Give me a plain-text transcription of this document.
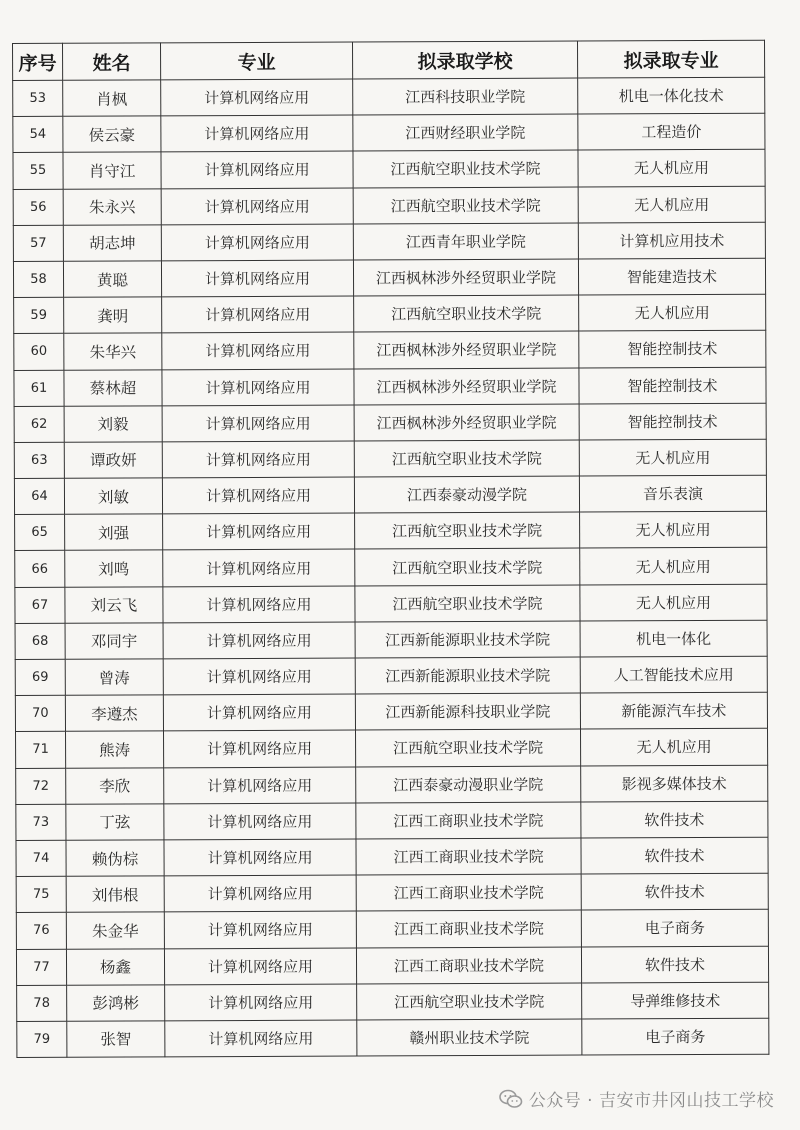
序号	姓名	专业	拟录取学校	拟录取专业
53	肖枫	计算机网络应用	江西科技职业学院	机电一体化技术
54	侯云豪	计算机网络应用	江西财经职业学院	工程造价
55	肖守江	计算机网络应用	江西航空职业技术学院	无人机应用
56	朱永兴	计算机网络应用	江西航空职业技术学院	无人机应用
57	胡志坤	计算机网络应用	江西青年职业学院	计算机应用技术
58	黄聪	计算机网络应用	江西枫林涉外经贸职业学院	智能建造技术
59	龚明	计算机网络应用	江西航空职业技术学院	无人机应用
60	朱华兴	计算机网络应用	江西枫林涉外经贸职业学院	智能控制技术
61	蔡林超	计算机网络应用	江西枫林涉外经贸职业学院	智能控制技术
62	刘毅	计算机网络应用	江西枫林涉外经贸职业学院	智能控制技术
63	谭政妍	计算机网络应用	江西航空职业技术学院	无人机应用
64	刘敏	计算机网络应用	江西泰豪动漫学院	音乐表演
65	刘强	计算机网络应用	江西航空职业技术学院	无人机应用
66	刘鸣	计算机网络应用	江西航空职业技术学院	无人机应用
67	刘云飞	计算机网络应用	江西航空职业技术学院	无人机应用
68	邓同宇	计算机网络应用	江西新能源职业技术学院	机电一体化
69	曾涛	计算机网络应用	江西新能源职业技术学院	人工智能技术应用
70	李遵杰	计算机网络应用	江西新能源科技职业学院	新能源汽车技术
71	熊涛	计算机网络应用	江西航空职业技术学院	无人机应用
72	李欣	计算机网络应用	江西泰豪动漫职业学院	影视多媒体技术
73	丁弦	计算机网络应用	江西工商职业技术学院	软件技术
74	赖伪棕	计算机网络应用	江西工商职业技术学院	软件技术
75	刘伟根	计算机网络应用	江西工商职业技术学院	软件技术
76	朱金华	计算机网络应用	江西工商职业技术学院	电子商务
77	杨鑫	计算机网络应用	江西工商职业技术学院	软件技术
78	彭鸿彬	计算机网络应用	江西航空职业技术学院	导弹维修技术
79	张智	计算机网络应用	赣州职业技术学院	电子商务
公众号 · 吉安市井冈山技工学校
